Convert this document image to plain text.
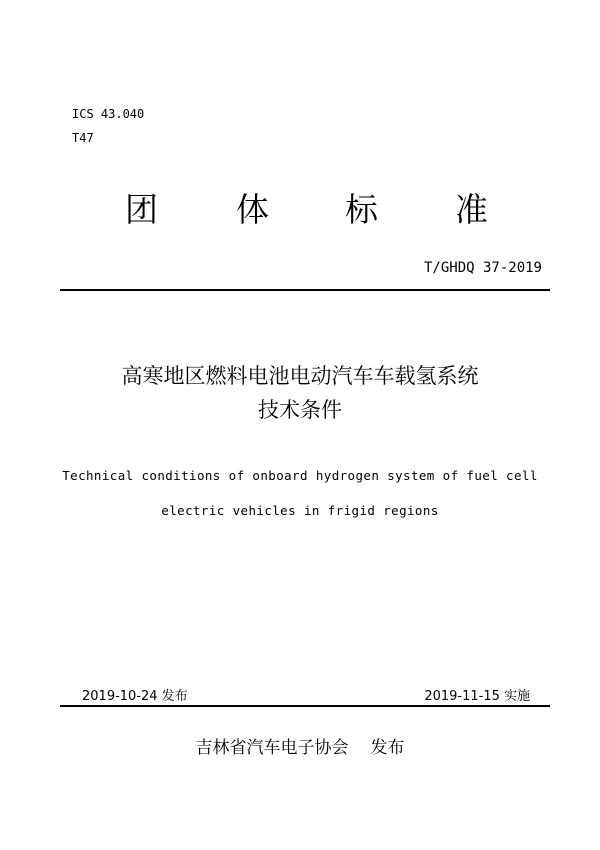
ICS 43.040
T47
团 体 标 准
T/GHDQ 37-2019
高寒地区燃料电池电动汽车车载氢系统
技术条件
Technical conditions of onboard hydrogen system of fuel cell
electric vehicles in frigid regions
2019-10-24 发布	2019-11-15 实施
吉林省汽车电子协会 发布
